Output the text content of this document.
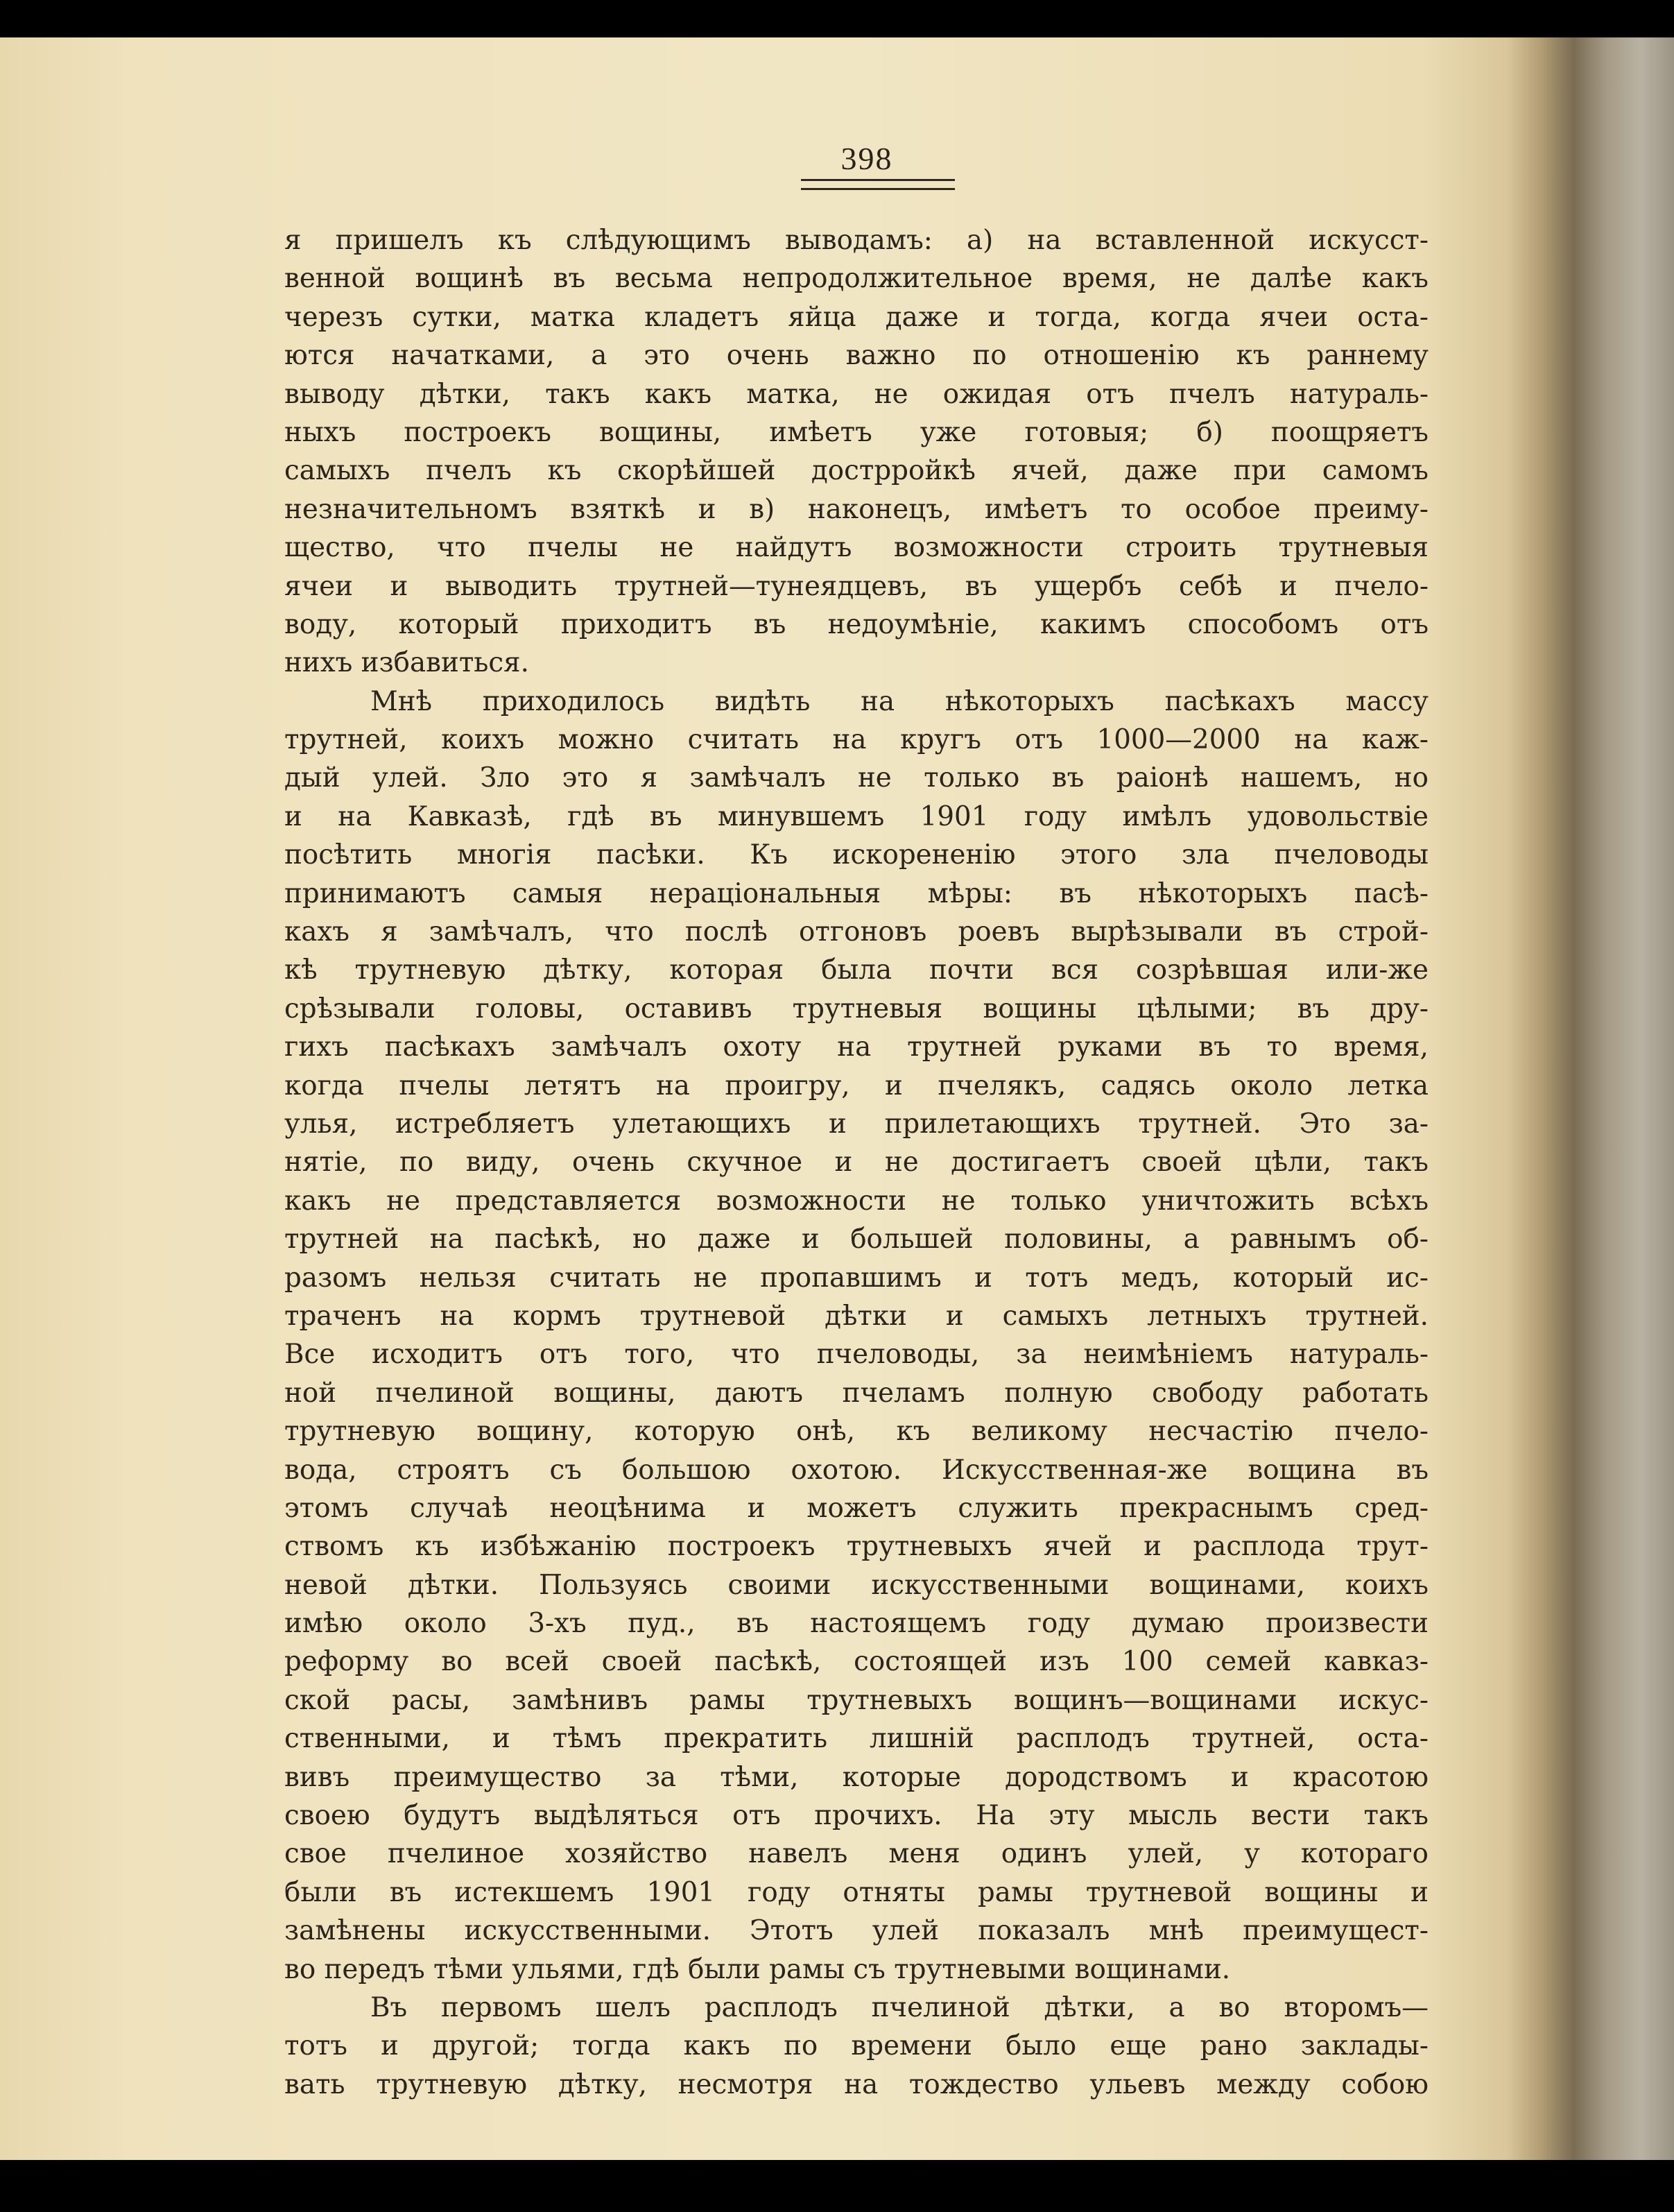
398
я пришелъ къ слѣдующимъ выводамъ: а) на вставленной искусст-
венной вощинѣ въ весьма непродолжительное время, не далѣе какъ
черезъ сутки, матка кладетъ яйца даже и тогда, когда ячеи оста-
ются начатками, а это очень важно по отношенію къ раннему
выводу дѣтки, такъ какъ матка, не ожидая отъ пчелъ натураль-
ныхъ построекъ вощины, имѣетъ уже готовыя; б) поощряетъ
самыхъ пчелъ къ скорѣйшей дострройкѣ ячей, даже при самомъ
незначительномъ взяткѣ и в) наконецъ, имѣетъ то особое преиму-
щество, что пчелы не найдутъ возможности строить трутневыя
ячеи и выводить трутней—тунеядцевъ, въ ущербъ себѣ и пчело-
воду, который приходитъ въ недоумѣніе, какимъ способомъ отъ
нихъ избавиться.
Мнѣ приходилось видѣть на нѣкоторыхъ пасѣкахъ массу
трутней, коихъ можно считать на кругъ отъ 1000—2000 на каж-
дый улей. Зло это я замѣчалъ не только въ раіонѣ нашемъ, но
и на Кавказѣ, гдѣ въ минувшемъ 1901 году имѣлъ удовольствіе
посѣтить многія пасѣки. Къ искорененію этого зла пчеловоды
принимаютъ самыя нераціональныя мѣры: въ нѣкоторыхъ пасѣ-
кахъ я замѣчалъ, что послѣ отгоновъ роевъ вырѣзывали въ строй-
кѣ трутневую дѣтку, которая была почти вся созрѣвшая или-же
срѣзывали головы, оставивъ трутневыя вощины цѣлыми; въ дру-
гихъ пасѣкахъ замѣчалъ охоту на трутней руками въ то время,
когда пчелы летятъ на проигру, и пчелякъ, садясь около летка
улья, истребляетъ улетающихъ и прилетающихъ трутней. Это за-
нятіе, по виду, очень скучное и не достигаетъ своей цѣли, такъ
какъ не представляется возможности не только уничтожить всѣхъ
трутней на пасѣкѣ, но даже и большей половины, а равнымъ об-
разомъ нельзя считать не пропавшимъ и тотъ медъ, который ис-
траченъ на кормъ трутневой дѣтки и самыхъ летныхъ трутней.
Все исходитъ отъ того, что пчеловоды, за неимѣніемъ натураль-
ной пчелиной вощины, даютъ пчеламъ полную свободу работать
трутневую вощину, которую онѣ, къ великому несчастію пчело-
вода, строятъ съ большою охотою. Искусственная-же вощина въ
этомъ случаѣ неоцѣнима и можетъ служить прекраснымъ сред-
ствомъ къ избѣжанію построекъ трутневыхъ ячей и расплода трут-
невой дѣтки. Пользуясь своими искусственными вощинами, коихъ
имѣю около 3-хъ пуд., въ настоящемъ году думаю произвести
реформу во всей своей пасѣкѣ, состоящей изъ 100 семей кавказ-
ской расы, замѣнивъ рамы трутневыхъ вощинъ—вощинами искус-
ственными, и тѣмъ прекратить лишній расплодъ трутней, оста-
вивъ преимущество за тѣми, которые дородствомъ и красотою
своею будутъ выдѣляться отъ прочихъ. На эту мысль вести такъ
свое пчелиное хозяйство навелъ меня одинъ улей, у котораго
были въ истекшемъ 1901 году отняты рамы трутневой вощины и
замѣнены искусственными. Этотъ улей показалъ мнѣ преимущест-
во передъ тѣми ульями, гдѣ были рамы съ трутневыми вощинами.
Въ первомъ шелъ расплодъ пчелиной дѣтки, а во второмъ—
тотъ и другой; тогда какъ по времени было еще рано заклады-
вать трутневую дѣтку, несмотря на тождество ульевъ между собою
